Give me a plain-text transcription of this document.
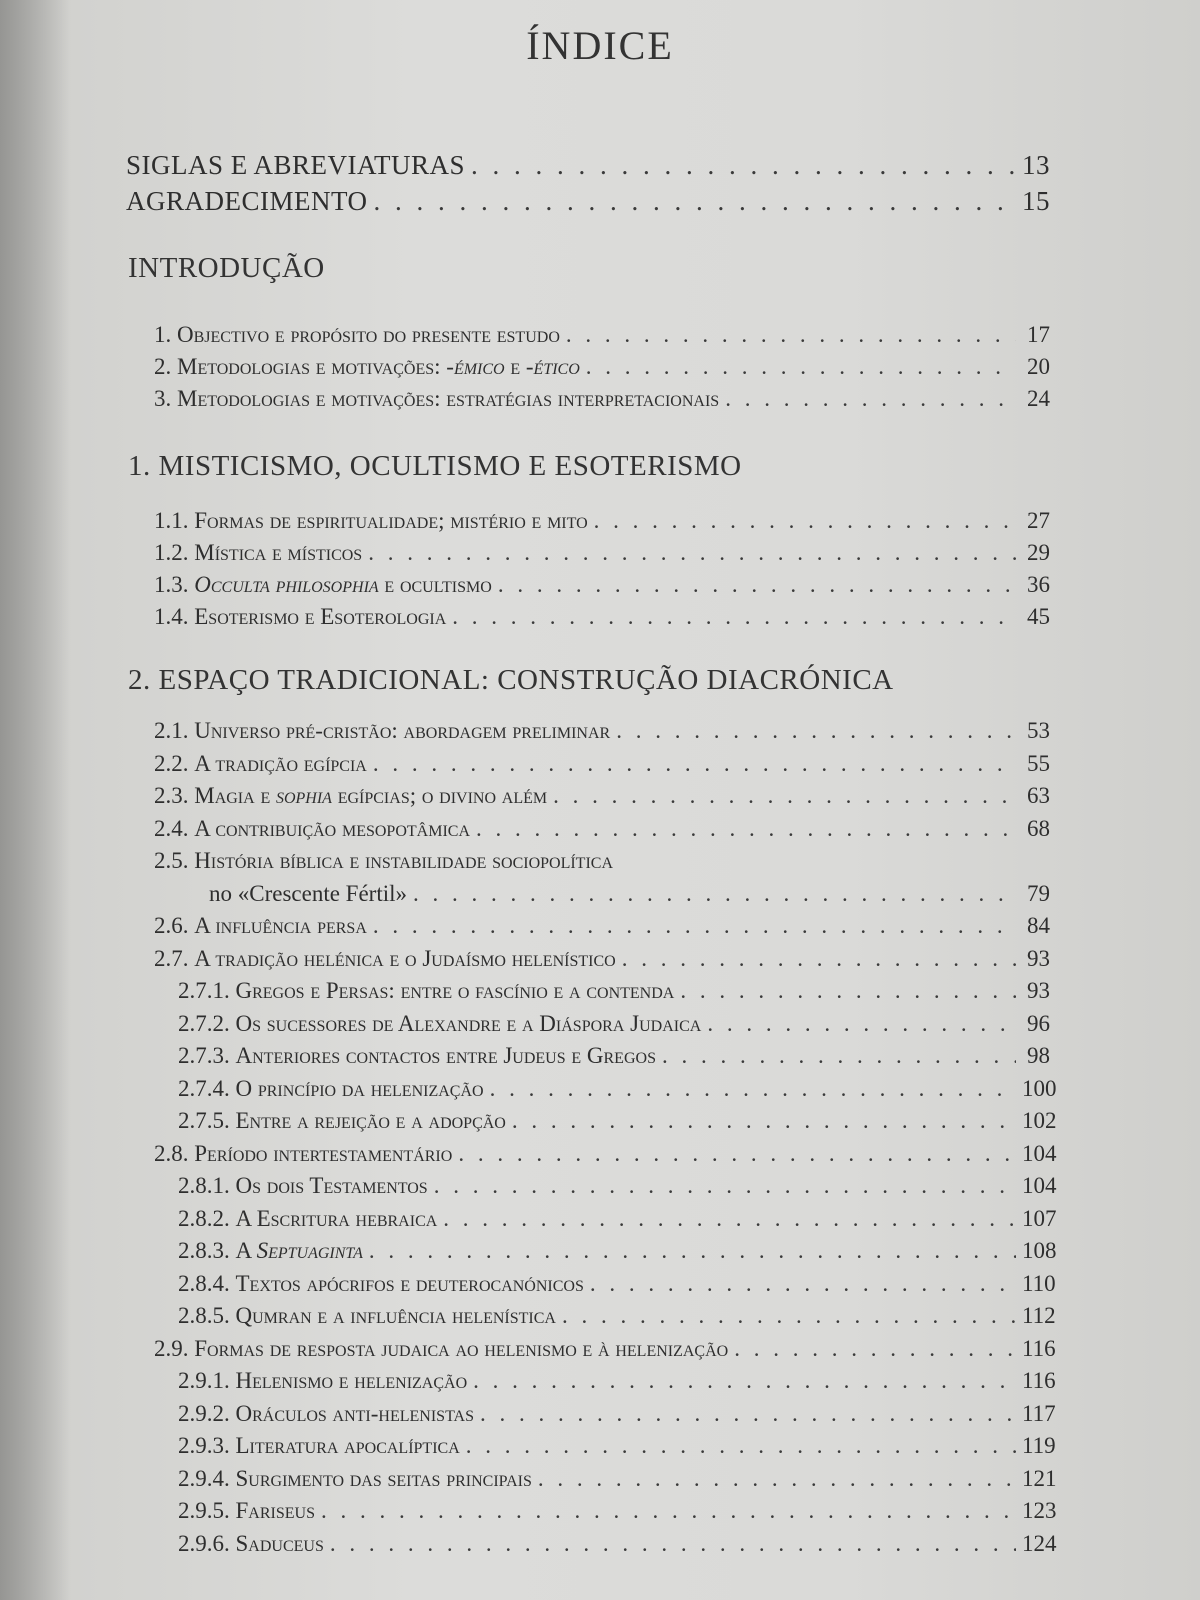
ÍNDICE
SIGLAS E ABREVIATURAS . . .	13
AGRADECIMENTO . . .	15
INTRODUÇÃO
1. Objectivo e propósito do presente estudo . . .	17
2. Metodologias e motivações: -émico e -ético . . .	20
3. Metodologias e motivações: estratégias interpretacionais . . .	24
1. MISTICISMO, OCULTISMO E ESOTERISMO
1.1. Formas de espiritualidade; mistério e mito . . .	27
1.2. Mística e místicos . . .	29
1.3. Occulta philosophia e ocultismo . . .	36
1.4. Esoterismo e Esoterologia . . .	45
2. ESPAÇO TRADICIONAL: CONSTRUÇÃO DIACRÓNICA
2.1. Universo pré-cristão: abordagem preliminar . . .	53
2.2. A tradição egípcia . . .	55
2.3. Magia e sophia egípcias; o divino além . . .	63
2.4. A contribuição mesopotâmica . . .	68
2.5. História bíblica e instabilidade sociopolítica
no «Crescente Fértil» . . .	79
2.6. A influência persa . . .	84
2.7. A tradição helénica e o Judaísmo helenístico . . .	93
2.7.1. Gregos e Persas: entre o fascínio e a contenda . . .	93
2.7.2. Os sucessores de Alexandre e a Diáspora Judaica . . .	96
2.7.3. Anteriores contactos entre Judeus e Gregos . . .	98
2.7.4. O princípio da helenização . . .	100
2.7.5. Entre a rejeição e a adopção . . .	102
2.8. Período intertestamentário . . .	104
2.8.1. Os dois Testamentos . . .	104
2.8.2. A Escritura hebraica . . .	107
2.8.3. A Septuaginta . . .	108
2.8.4. Textos apócrifos e deuterocanónicos . . .	110
2.8.5. Qumran e a influência helenística . . .	112
2.9. Formas de resposta judaica ao helenismo e à helenização . . .	116
2.9.1. Helenismo e helenização . . .	116
2.9.2. Oráculos anti-helenistas . . .	117
2.9.3. Literatura apocalíptica . . .	119
2.9.4. Surgimento das seitas principais . . .	121
2.9.5. Fariseus . . .	123
2.9.6. Saduceus . . .	124
